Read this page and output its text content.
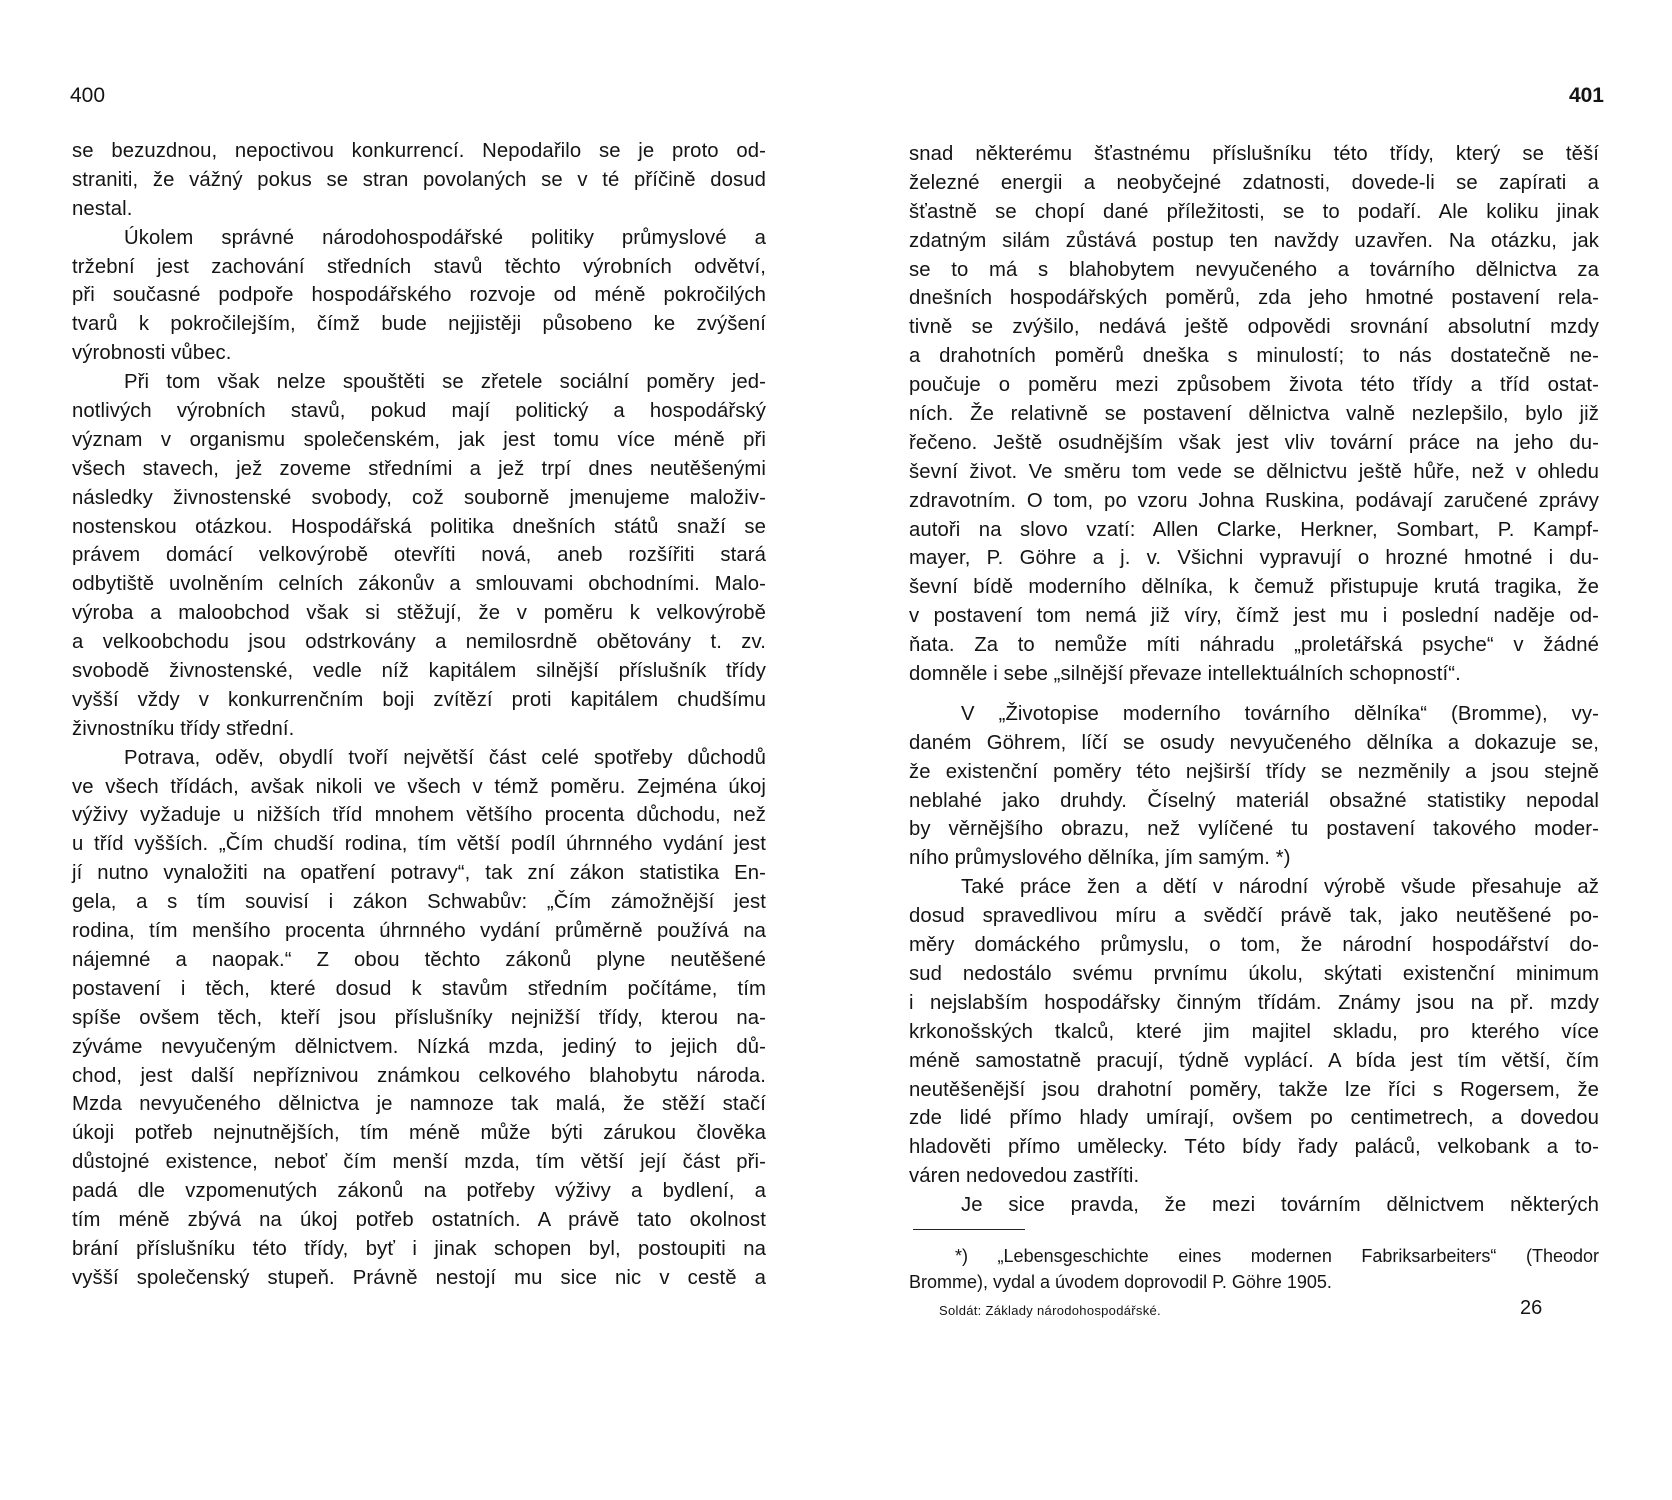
400
se bezuzdnou, nepoctivou konkurrencí. Nepodařilo se je proto od-
straniti, že vážný pokus se stran povolaných se v té příčině dosud
nestal.
Úkolem správné národohospodářské politiky průmyslové a
tržební jest zachování středních stavů těchto výrobních odvětví,
při současné podpoře hospodářského rozvoje od méně pokročilých
tvarů k pokročilejším, čímž bude nejjistěji působeno ke zvýšení
výrobnosti vůbec.
Při tom však nelze spouštěti se zřetele sociální poměry jed-
notlivých výrobních stavů, pokud mají politický a hospodářský
význam v organismu společenském, jak jest tomu více méně při
všech stavech, jež zoveme středními a jež trpí dnes neutěšenými
následky živnostenské svobody, což souborně jmenujeme maloživ-
nostenskou otázkou. Hospodářská politika dnešních států snaží se
právem domácí velkovýrobě otevříti nová, aneb rozšířiti stará
odbytiště uvolněním celních zákonův a smlouvami obchodními. Malo-
výroba a maloobchod však si stěžují, že v poměru k velkovýrobě
a velkoobchodu jsou odstrkovány a nemilosrdně obětovány t. zv.
svobodě živnostenské, vedle níž kapitálem silnější příslušník třídy
vyšší vždy v konkurrenčním boji zvítězí proti kapitálem chudšímu
živnostníku třídy střední.
Potrava, oděv, obydlí tvoří největší část celé spotřeby důchodů
ve všech třídách, avšak nikoli ve všech v témž poměru. Zejména úkoj
výživy vyžaduje u nižších tříd mnohem většího procenta důchodu, než
u tříd vyšších. „Čím chudší rodina, tím větší podíl úhrnného vydání jest
jí nutno vynaložiti na opatření potravy“, tak zní zákon statistika En-
gela, a s tím souvisí i zákon Schwabův: „Čím zámožnější jest
rodina, tím menšího procenta úhrnného vydání průměrně používá na
nájemné a naopak.“ Z obou těchto zákonů plyne neutěšené
postavení i těch, které dosud k stavům středním počítáme, tím
spíše ovšem těch, kteří jsou příslušníky nejnižší třídy, kterou na-
zýváme nevyučeným dělnictvem. Nízká mzda, jediný to jejich dů-
chod, jest další nepříznivou známkou celkového blahobytu národa.
Mzda nevyučeného dělnictva je namnoze tak malá, že stěží stačí
úkoji potřeb nejnutnějších, tím méně může býti zárukou člověka
důstojné existence, neboť čím menší mzda, tím větší její část při-
padá dle vzpomenutých zákonů na potřeby výživy a bydlení, a
tím méně zbývá na úkoj potřeb ostatních. A právě tato okolnost
brání příslušníku této třídy, byť i jinak schopen byl, postoupiti na
vyšší společenský stupeň. Právně nestojí mu sice nic v cestě a
401
snad některému šťastnému příslušníku této třídy, který se těší
železné energii a neobyčejné zdatnosti, dovede-li se zapírati a
šťastně se chopí dané příležitosti, se to podaří. Ale koliku jinak
zdatným silám zůstává postup ten navždy uzavřen. Na otázku, jak
se to má s blahobytem nevyučeného a továrního dělnictva za
dnešních hospodářských poměrů, zda jeho hmotné postavení rela-
tivně se zvýšilo, nedává ještě odpovědi srovnání absolutní mzdy
a drahotních poměrů dneška s minulostí; to nás dostatečně ne-
poučuje o poměru mezi způsobem života této třídy a tříd ostat-
ních. Že relativně se postavení dělnictva valně nezlepšilo, bylo již
řečeno. Ještě osudnějším však jest vliv tovární práce na jeho du-
ševní život. Ve směru tom vede se dělnictvu ještě hůře, než v ohledu
zdravotním. O tom, po vzoru Johna Ruskina, podávají zaručené zprávy
autoři na slovo vzatí: Allen Clarke, Herkner, Sombart, P. Kampf-
mayer, P. Göhre a j. v. Všichni vypravují o hrozné hmotné i du-
ševní bídě moderního dělníka, k čemuž přistupuje krutá tragika, že
v postavení tom nemá již víry, čímž jest mu i poslední naděje od-
ňata. Za to nemůže míti náhradu „proletářská psyche“ v žádné
domněle i sebe „silnější převaze intellektuálních schopností“.
V „Životopise moderního továrního dělníka“ (Bromme), vy-
daném Göhrem, líčí se osudy nevyučeného dělníka a dokazuje se,
že existenční poměry této nejširší třídy se nezměnily a jsou stejně
neblahé jako druhdy. Číselný materiál obsažné statistiky nepodal
by věrnějšího obrazu, než vylíčené tu postavení takového moder-
ního průmyslového dělníka, jím samým. *)
Také práce žen a dětí v národní výrobě všude přesahuje až
dosud spravedlivou míru a svědčí právě tak, jako neutěšené po-
měry domáckého průmyslu, o tom, že národní hospodářství do-
sud nedostálo svému prvnímu úkolu, skýtati existenční minimum
i nejslabším hospodářsky činným třídám. Známy jsou na př. mzdy
krkonošských tkalců, které jim majitel skladu, pro kterého více
méně samostatně pracují, týdně vyplácí. A bída jest tím větší, čím
neutěšenější jsou drahotní poměry, takže lze říci s Rogersem, že
zde lidé přímo hlady umírají, ovšem po centimetrech, a dovedou
hladověti přímo umělecky. Této bídy řady paláců, velkobank a to-
váren nedovedou zastříti.
Je sice pravda, že mezi továrním dělnictvem některých
*) „Lebensgeschichte eines modernen Fabriksarbeiters“ (Theodor
Bromme), vydal a úvodem doprovodil P. Göhre 1905.
Soldát: Základy národohospodářské.	26
